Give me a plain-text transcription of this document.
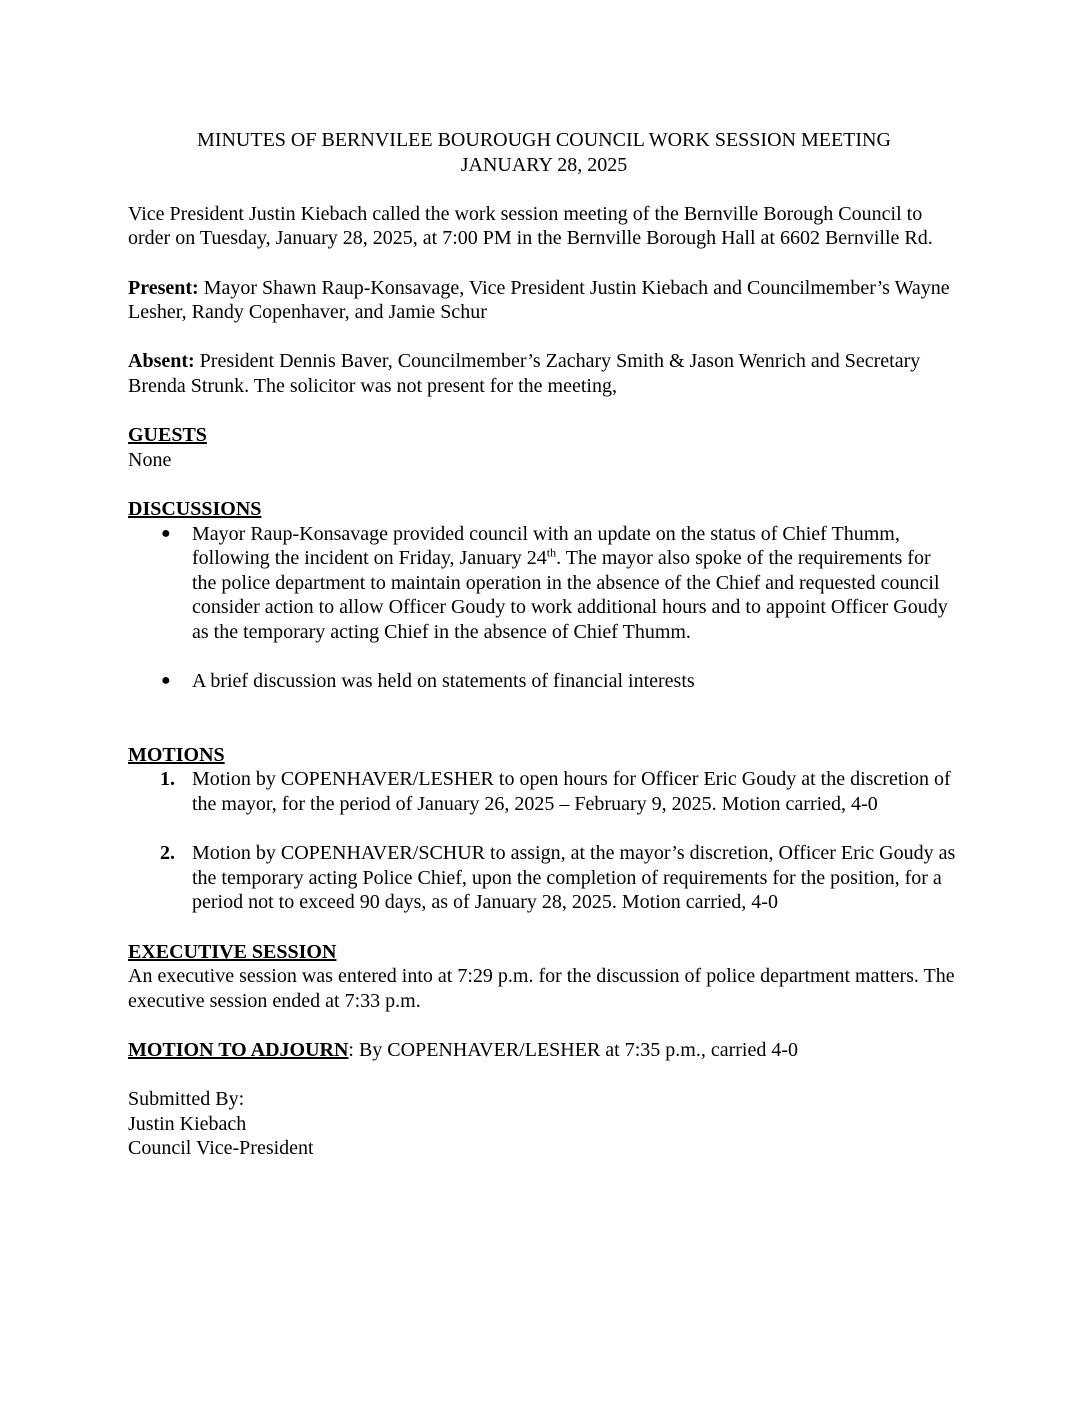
MINUTES OF BERNVILEE BOUROUGH COUNCIL WORK SESSION MEETING
JANUARY 28, 2025

Vice President Justin Kiebach called the work session meeting of the Bernville Borough Council to order on Tuesday, January 28, 2025, at 7:00 PM in the Bernville Borough Hall at 6602 Bernville Rd.

Present: Mayor Shawn Raup-Konsavage, Vice President Justin Kiebach and Councilmember’s Wayne Lesher, Randy Copenhaver, and Jamie Schur

Absent: President Dennis Baver, Councilmember’s Zachary Smith & Jason Wenrich and Secretary Brenda Strunk. The solicitor was not present for the meeting,

GUESTS
None
DISCUSSIONS
● Mayor Raup-Konsavage provided council with an update on the status of Chief Thumm, following the incident on Friday, January 24th. The mayor also spoke of the requirements for the police department to maintain operation in the absence of the Chief and requested council consider action to allow Officer Goudy to work additional hours and to appoint Officer Goudy as the temporary acting Chief in the absence of Chief Thumm.
● A brief discussion was held on statements of financial interests
MOTIONS
1. Motion by COPENHAVER/LESHER to open hours for Officer Eric Goudy at the discretion of the mayor, for the period of January 26, 2025 – February 9, 2025. Motion carried, 4-0
2. Motion by COPENHAVER/SCHUR to assign, at the mayor’s discretion, Officer Eric Goudy as the temporary acting Police Chief, upon the completion of requirements for the position, for a period not to exceed 90 days, as of January 28, 2025. Motion carried, 4-0
EXECUTIVE SESSION
An executive session was entered into at 7:29 p.m. for the discussion of police department matters. The executive session ended at 7:33 p.m.

MOTION TO ADJOURN: By COPENHAVER/LESHER at 7:35 p.m., carried 4-0

Submitted By:
Justin Kiebach
Council Vice-President
